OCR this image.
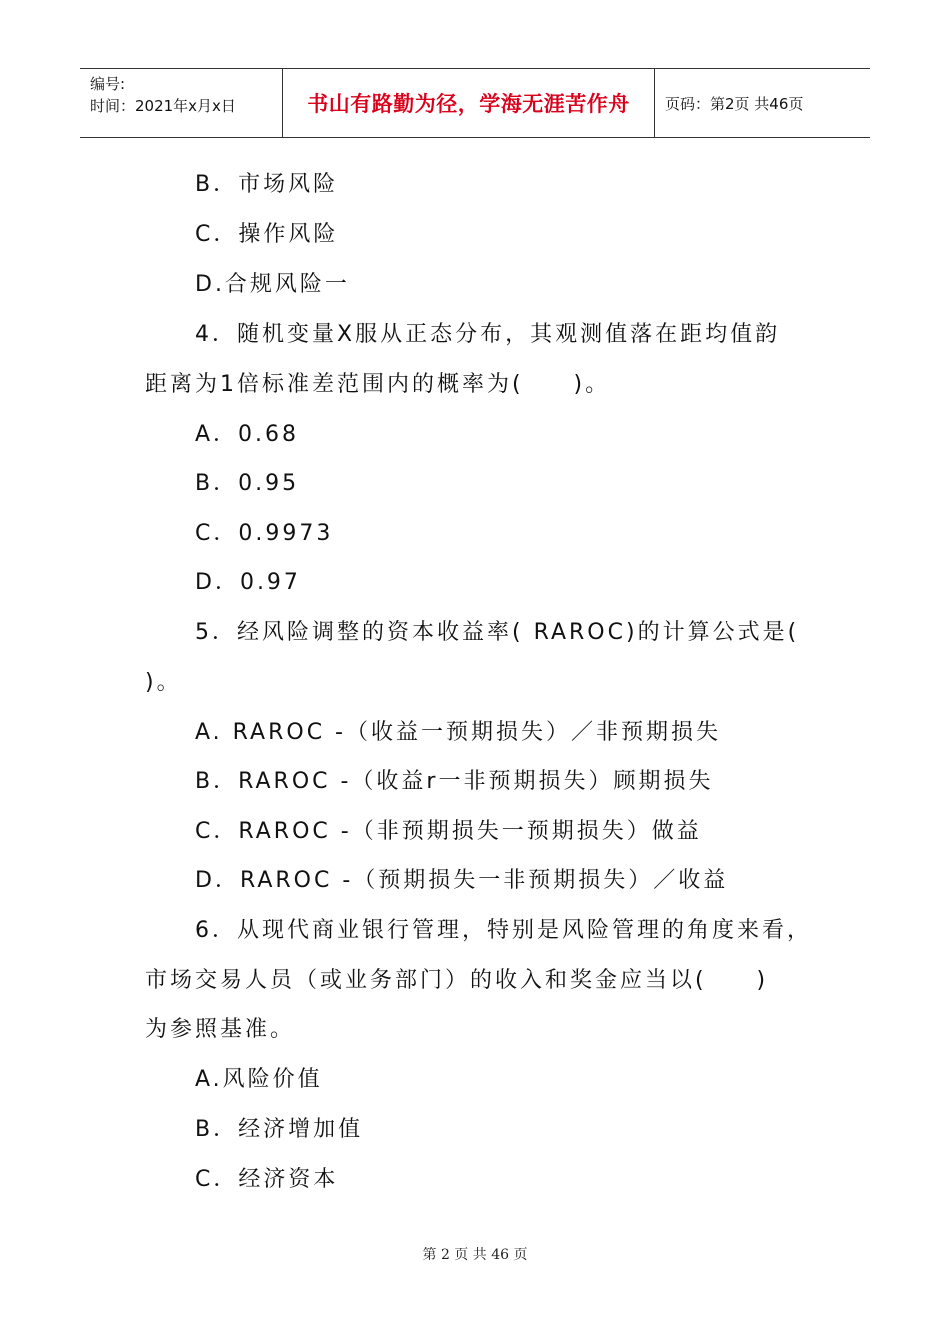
编号:
时间：2021年x月x日	书山有路勤为径，学海无涯苦作舟	页码：第2页 共46页
B．市场风险
C．操作风险
D.合规风险一
4．随机变量X服从正态分布，其观测值落在距均值韵
距离为1倍标准差范围内的概率为(     )。
A．0.68
B．0.95
C．0.9973
D．0.97
5．经风险调整的资本收益率( RAROC)的计算公式是(
)。
A. RAROC -（收益一预期损失）／非预期损失
B．RAROC -（收益r一非预期损失）顾期损失
C．RAROC -（非预期损失一预期损失）做益
D．RAROC -（预期损失一非预期损失）／收益
6．从现代商业银行管理，特别是风险管理的角度来看，
市场交易人员（或业务部门）的收入和奖金应当以(     )
为参照基准。
A.风险价值
B．经济增加值
C．经济资本
第 2 页 共 46 页
